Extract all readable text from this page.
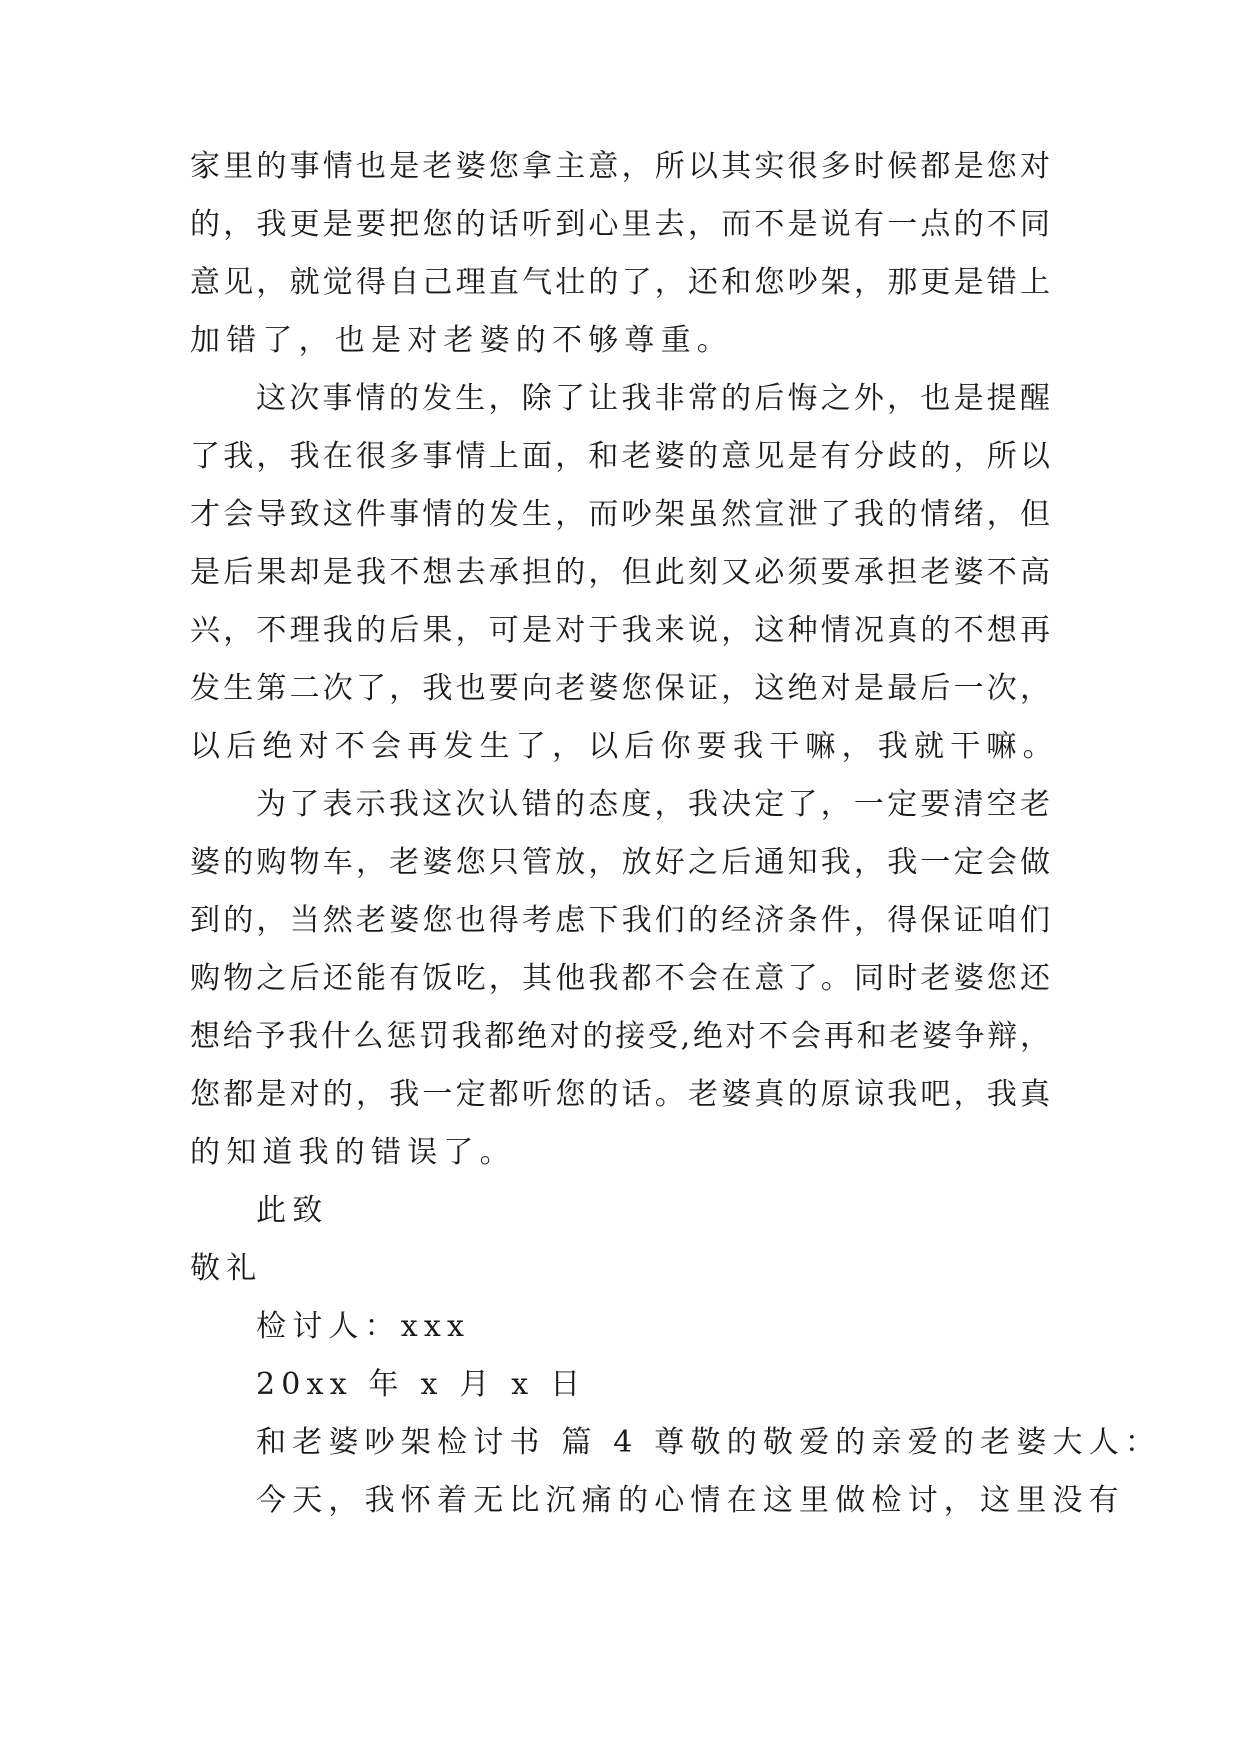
家里的事情也是老婆您拿主意，所以其实很多时候都是您对
的，我更是要把您的话听到心里去，而不是说有一点的不同
意见，就觉得自己理直气壮的了，还和您吵架，那更是错上
加错了，也是对老婆的不够尊重。
这次事情的发生，除了让我非常的后悔之外，也是提醒
了我，我在很多事情上面，和老婆的意见是有分歧的，所以
才会导致这件事情的发生，而吵架虽然宣泄了我的情绪，但
是后果却是我不想去承担的，但此刻又必须要承担老婆不高
兴，不理我的后果，可是对于我来说，这种情况真的不想再
发生第二次了，我也要向老婆您保证，这绝对是最后一次，
以后绝对不会再发生了，以后你要我干嘛，我就干嘛。
为了表示我这次认错的态度，我决定了，一定要清空老
婆的购物车，老婆您只管放，放好之后通知我，我一定会做
到的，当然老婆您也得考虑下我们的经济条件，得保证咱们
购物之后还能有饭吃，其他我都不会在意了。同时老婆您还
想给予我什么惩罚我都绝对的接受,绝对不会再和老婆争辩，
您都是对的，我一定都听您的话。老婆真的原谅我吧，我真
的知道我的错误了。
此致
敬礼
检讨人：xxx
20xx 年 x 月 x 日
和老婆吵架检讨书 篇 4 尊敬的敬爱的亲爱的老婆大人：
今天，我怀着无比沉痛的心情在这里做检讨，这里没有
